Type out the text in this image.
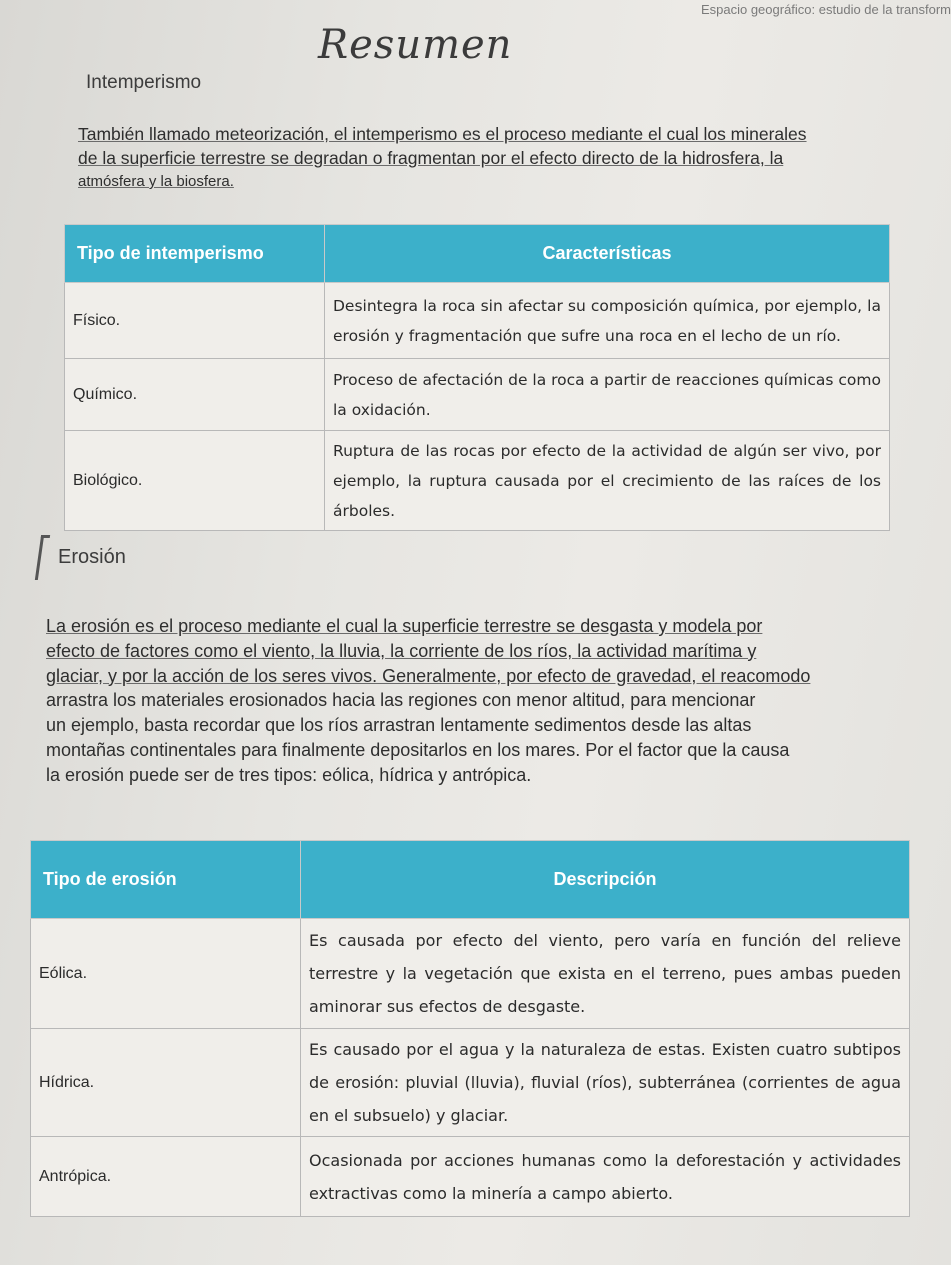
Espacio geográfico: estudio de la transform
Resumen
Intemperismo

También llamado meteorización, el intemperismo es el proceso mediante el cual los minerales

de la superficie terrestre se degradan o fragmentan por el efecto directo de la hidrosfera, la

atmósfera y la biosfera.

Tipo de intemperismo	Características
Físico.	Desintegra la roca sin afectar su composición química, por ejemplo, la erosión y fragmentación que sufre una roca en el lecho de un río.
Químico.	Proceso de afectación de la roca a partir de reacciones químicas como la oxidación.
Biológico.	Ruptura de las rocas por efecto de la actividad de algún ser vivo, por ejemplo, la ruptura causada por el crecimiento de las raíces de los árboles.
Erosión

La erosión es el proceso mediante el cual la superficie terrestre se desgasta y modela por

efecto de factores como el viento, la lluvia, la corriente de los ríos, la actividad marítima y

glaciar, y por la acción de los seres vivos. Generalmente, por efecto de gravedad, el reacomodo

arrastra los materiales erosionados hacia las regiones con menor altitud, para mencionar

un ejemplo, basta recordar que los ríos arrastran lentamente sedimentos desde las altas

montañas continentales para finalmente depositarlos en los mares. Por el factor que la causa

la erosión puede ser de tres tipos: eólica, hídrica y antrópica.

Tipo de erosión	Descripción
Eólica.	Es causada por efecto del viento, pero varía en función del relieve terrestre y la vegetación que exista en el terreno, pues ambas pueden aminorar sus efectos de desgaste.
Hídrica.	Es causado por el agua y la naturaleza de estas. Existen cuatro subtipos de erosión: pluvial (lluvia), fluvial (ríos), subterránea (corrientes de agua en el subsuelo) y glaciar.
Antrópica.	Ocasionada por acciones humanas como la deforestación y actividades extractivas como la minería a campo abierto.
